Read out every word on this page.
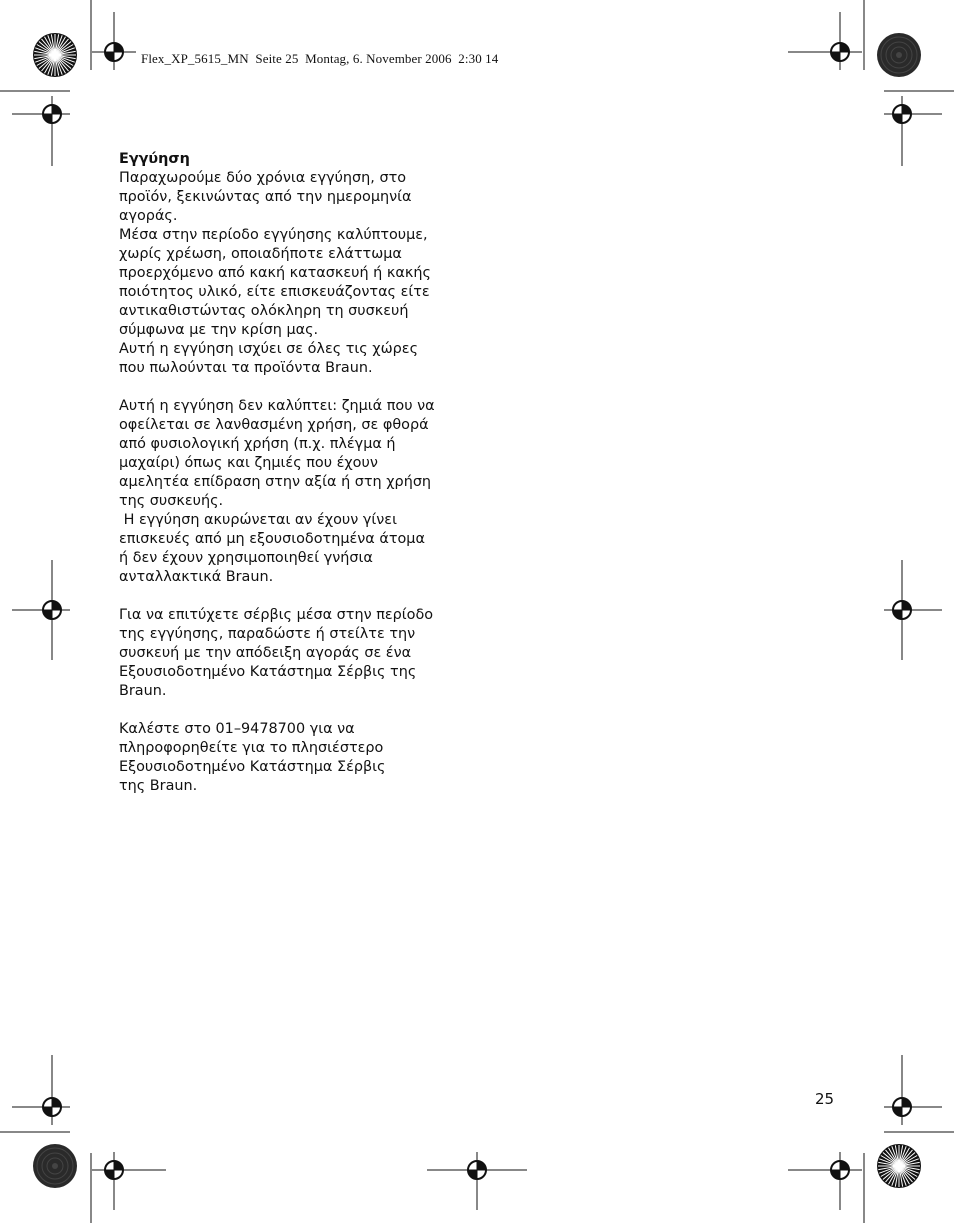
Flex_XP_5615_MN  Seite 25  Montag, 6. November 2006  2:30 14

Εγγύηση

Παραχωρούμε δύο χρόνια εγγύηση, στο

προϊόν, ξεκινώντας από την ημερομηνία

αγοράς.

Μέσα στην περίοδο εγγύησης καλύπτουμε,

χωρίς χρέωση, οποιαδήποτε ελάττωμα

προερχόμενο από κακή κατασκευή ή κακής

ποιότητος υλικό, είτε επισκευάζοντας είτε

αντικαθιστώντας ολόκληρη τη συσκευή

σύμφωνα με την κρίση μας.

Αυτή η εγγύηση ισχύει σε όλες τις χώρες

που πωλούνται τα προϊόντα Braun.

Αυτή η εγγύηση δεν καλύπτει: ζημιά που να

οφείλεται σε λανθασμένη χρήση, σε φθορά

από φυσιολογική χρήση (π.χ. πλέγμα ή

μαχαίρι) όπως και ζημιές που έχουν

αμελητέα επίδραση στην αξία ή στη χρήση

της συσκευής.

Η εγγύηση ακυρώνεται αν έχουν γίνει

επισκευές από μη εξουσιοδοτημένα άτομα

ή δεν έχουν χρησιμοποιηθεί γνήσια

ανταλλακτικά Braun.

Για να επιτύχετε σέρβις μέσα στην περίοδο

της εγγύησης, παραδώστε ή στείλτε την

συσκευή με την απόδειξη αγοράς σε ένα

Εξουσιοδοτημένο Κατάστημα Σέρβις της

Braun.

Καλέστε στο 01–9478700 για να

πληροφορηθείτε για το πλησιέστερο

Εξουσιοδοτημένο Κατάστημα Σέρβις

της Braun.

25
